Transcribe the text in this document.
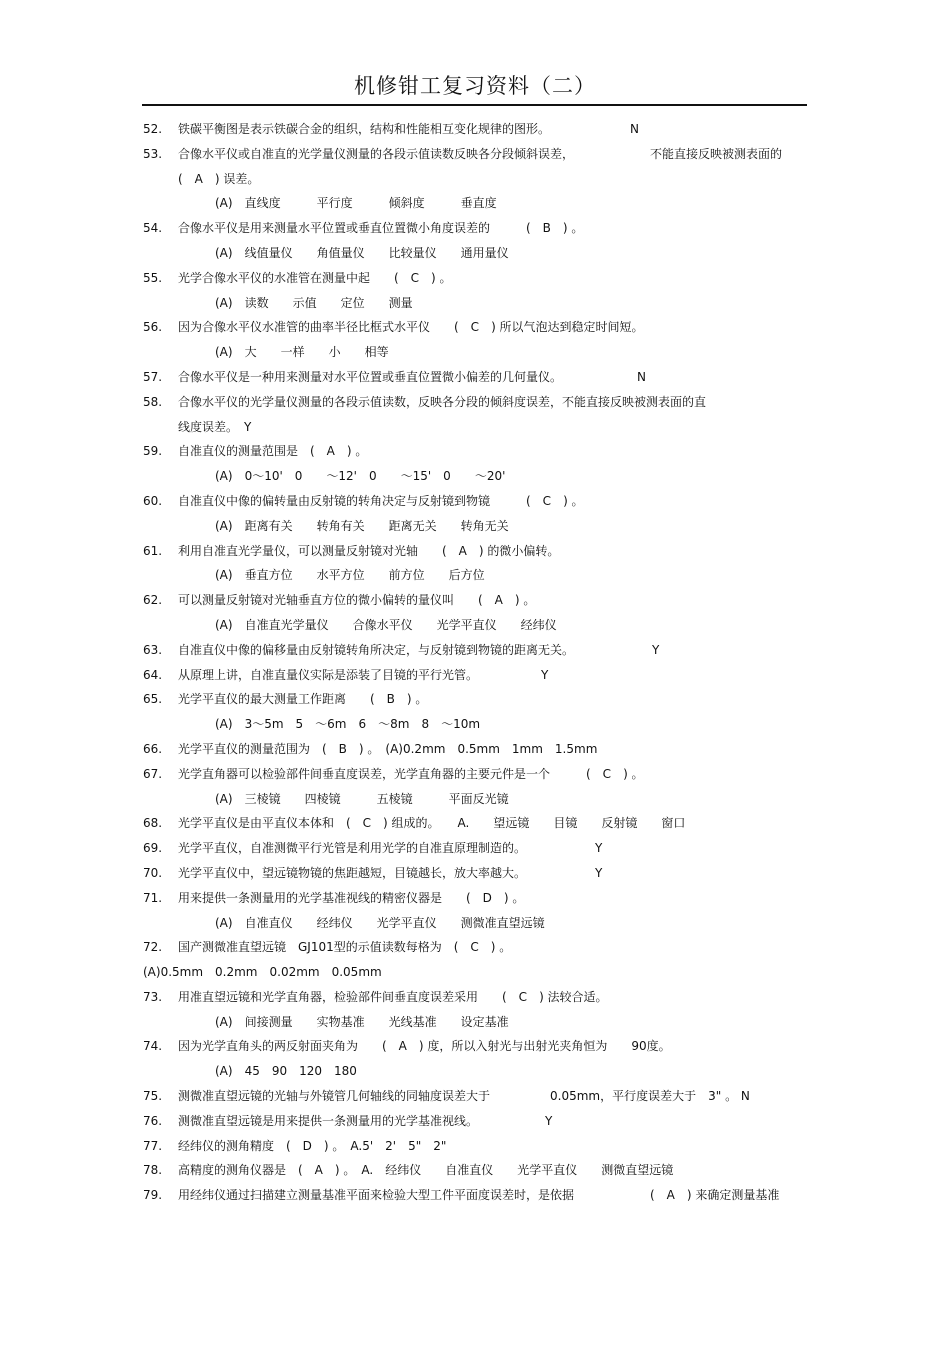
机修钳工复习资料（二）
52. 铁碳平衡图是表示铁碳合金的组织，结构和性能相互变化规律的图形。	N
53. 合像水平仪或自准直的光学量仪测量的各段示值读数反映各分段倾斜误差，	不能直接反映被测表面的
(　A　) 误差。
(A)　直线度　　　平行度　　　倾斜度　　　垂直度
54. 合像水平仪是用来测量水平位置或垂直位置微小角度误差的　　　(　B　) 。
(A)　线值量仪　　角值量仪　　比较量仪　　通用量仪
55. 光学合像水平仪的水准管在测量中起　　(　C　) 。
(A)　读数　　示值　　定位　　测量
56. 因为合像水平仪水准管的曲率半径比框式水平仪　　(　C　) 所以气泡达到稳定时间短。
(A)　大　　一样　　小　　相等
57. 合像水平仪是一种用来测量对水平位置或垂直位置微小偏差的几何量仪。	N
58. 合像水平仪的光学量仪测量的各段示值读数，反映各分段的倾斜度误差，不能直接反映被测表面的直
线度误差。　Y
59. 自准直仪的测量范围是　(　A　) 。
(A)　0～10'　0　　～12'　0　　～15'　0　　～20'
60. 自准直仪中像的偏转量由反射镜的转角决定与反射镜到物镜　　　(　C　) 。
(A)　距离有关　　转角有关　　距离无关　　转角无关
61. 利用自准直光学量仪，可以测量反射镜对光轴　　(　A　) 的微小偏转。
(A)　垂直方位　　水平方位　　前方位　　后方位
62. 可以测量反射镜对光轴垂直方位的微小偏转的量仪叫　　(　A　) 。
(A)　自准直光学量仪　　合像水平仪　　光学平直仪　　经纬仪
63. 自准直仪中像的偏移量由反射镜转角所决定，与反射镜到物镜的距离无关。	Y
64. 从原理上讲，自准直量仪实际是添装了目镜的平行光管。	Y
65. 光学平直仪的最大测量工作距离　　(　B　) 。
(A)　3～5m　5　～6m　6　～8m　8　～10m
66. 光学平直仪的测量范围为　(　B　) 。　(A)0.2mm　0.5mm　1mm　1.5mm
67. 光学直角器可以检验部件间垂直度误差，光学直角器的主要元件是一个　　　(　C　) 。
(A)　三棱镜　　四棱镜　　　五棱镜　　　平面反光镜
68. 光学平直仪是由平直仪本体和　(　C　) 组成的。　　A.　　望远镜　　目镜　　反射镜　　窗口
69. 光学平直仪，自准测微平行光管是利用光学的自准直原理制造的。	Y
70. 光学平直仪中，望远镜物镜的焦距越短，目镜越长，放大率越大。	Y
71. 用来提供一条测量用的光学基准视线的精密仪器是　　(　D　) 。
(A)　自准直仪　　经纬仪　　光学平直仪　　测微准直望远镜
72. 国产测微准直望远镜　GJ101型的示值读数每格为　(　C　) 。
(A)0.5mm　0.2mm　0.02mm　0.05mm
73. 用准直望远镜和光学直角器，检验部件间垂直度误差采用　　(　C　) 法较合适。
(A)　间接测量　　实物基准　　光线基准　　设定基准
74. 因为光学直角头的两反射面夹角为　　(　A　) 度，所以入射光与出射光夹角恒为　　90度。
(A)　45　90　120　180
75. 测微准直望远镜的光轴与外镜管几何轴线的同轴度误差大于	0.05mm，平行度误差大于　3" 。 N
76. 测微准直望远镜是用来提供一条测量用的光学基准视线。	Y
77. 经纬仪的测角精度　(　D　) 。　A.5'　2'　5"　2"
78. 高精度的测角仪器是　(　A　) 。　A.　经纬仪　　自准直仪　　光学平直仪　　测微直望远镜
79. 用经纬仪通过扫描建立测量基准平面来检验大型工件平面度误差时，是依据	(　A　) 来确定测量基准
